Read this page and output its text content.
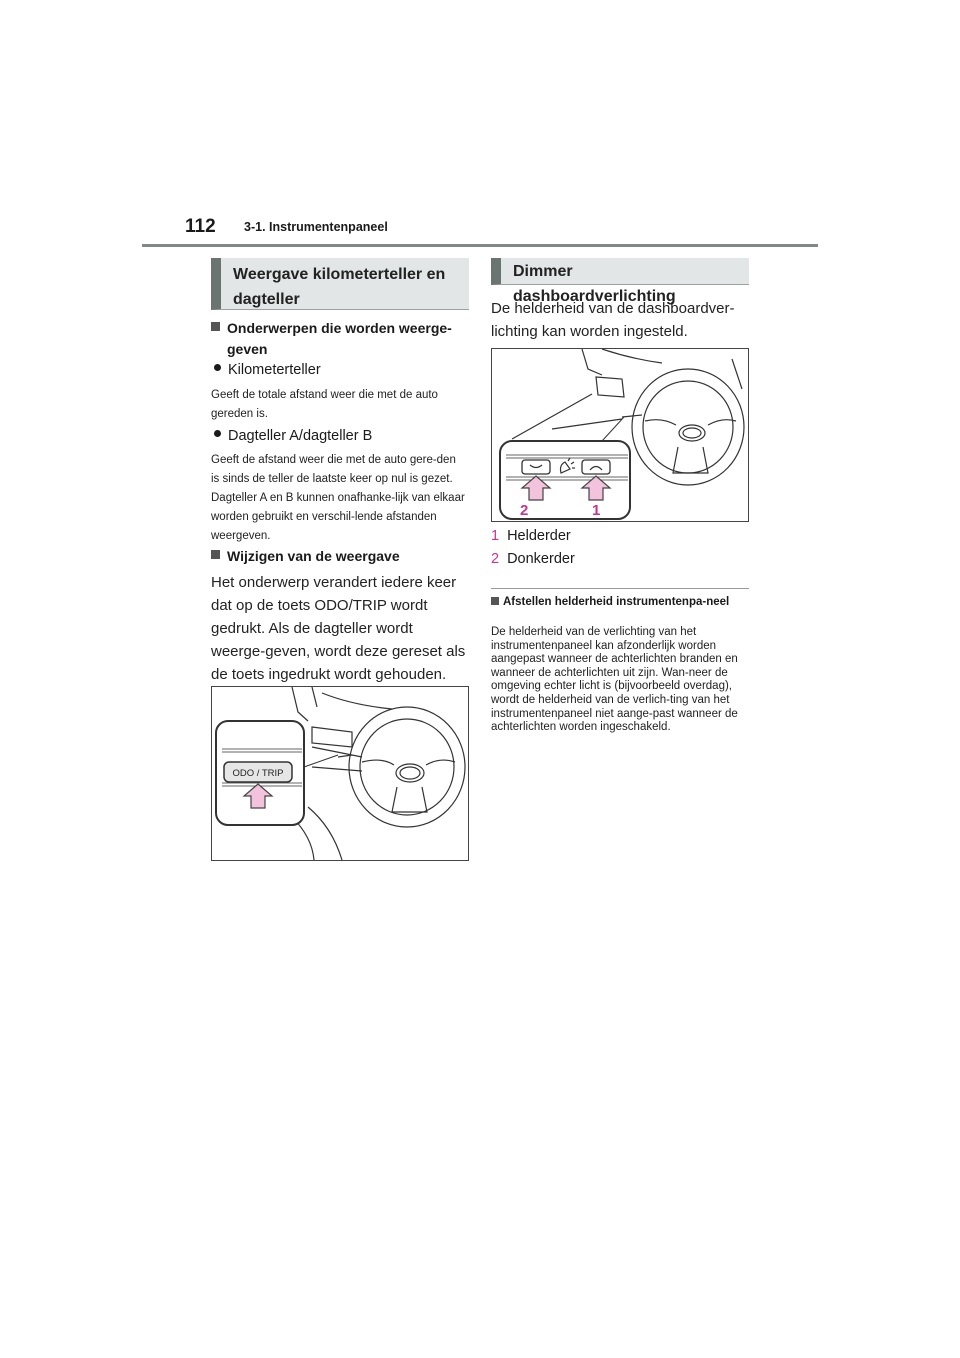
112 3-1. Instrumentenpaneel
Weergave kilometerteller en dagteller
Onderwerpen die worden weerge-geven
Kilometerteller
Geeft de totale afstand weer die met de auto gereden is.
Dagteller A/dagteller B
Geeft de afstand weer die met de auto gere-den is sinds de teller de laatste keer op nul is gezet. Dagteller A en B kunnen onafhanke-lijk van elkaar worden gebruikt en verschil-lende afstanden weergeven.
Wijzigen van de weergave
Het onderwerp verandert iedere keer dat op de toets ODO/TRIP wordt gedrukt. Als de dagteller wordt weerge-geven, wordt deze gereset als de toets ingedrukt wordt gehouden.
ODO / TRIP
Dimmer dashboardverlichting
De helderheid van de dashboardver-lichting kan worden ingesteld.
2	1
1 Helderder
2 Donkerder
Afstellen helderheid instrumentenpa-neel
De helderheid van de verlichting van het instrumentenpaneel kan afzonderlijk worden aangepast wanneer de achterlichten branden en wanneer de achterlichten uit zijn. Wan-neer de omgeving echter licht is (bijvoorbeeld overdag), wordt de helderheid van de verlich-ting van het instrumentenpaneel niet aange-past wanneer de achterlichten worden ingeschakeld.
